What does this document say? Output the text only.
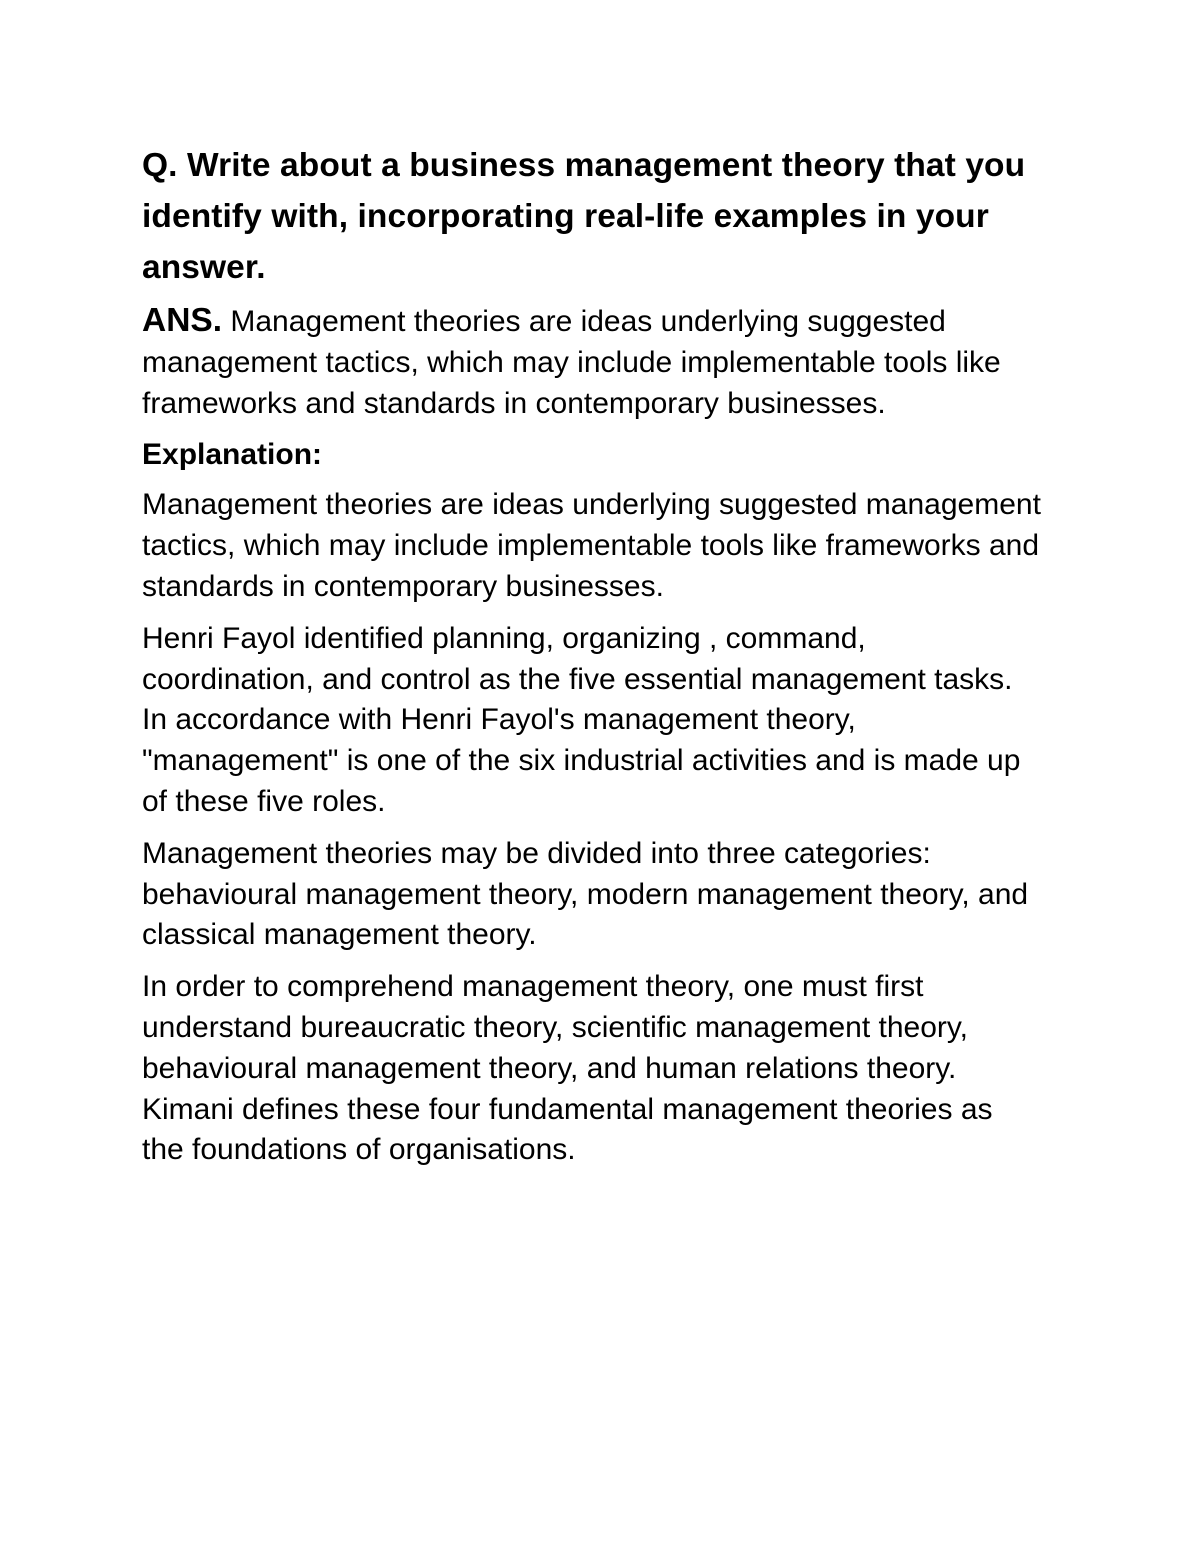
Q. Write about a business management theory that you identify with, incorporating real-life examples in your answer.

ANS. Management theories are ideas underlying suggested management tactics, which may include implementable tools like frameworks and standards in contemporary businesses.

Explanation:

Management theories are ideas underlying suggested management tactics, which may include implementable tools like frameworks and standards in contemporary businesses.

Henri Fayol identified planning, organizing , command, coordination, and control as the five essential management tasks. In accordance with Henri Fayol's management theory, "management" is one of the six industrial activities and is made up of these five roles.

Management theories may be divided into three categories: behavioural management theory, modern management theory, and classical management theory.

In order to comprehend management theory, one must first understand bureaucratic theory, scientific management theory, behavioural management theory, and human relations theory. Kimani defines these four fundamental management theories as the foundations of organisations.
